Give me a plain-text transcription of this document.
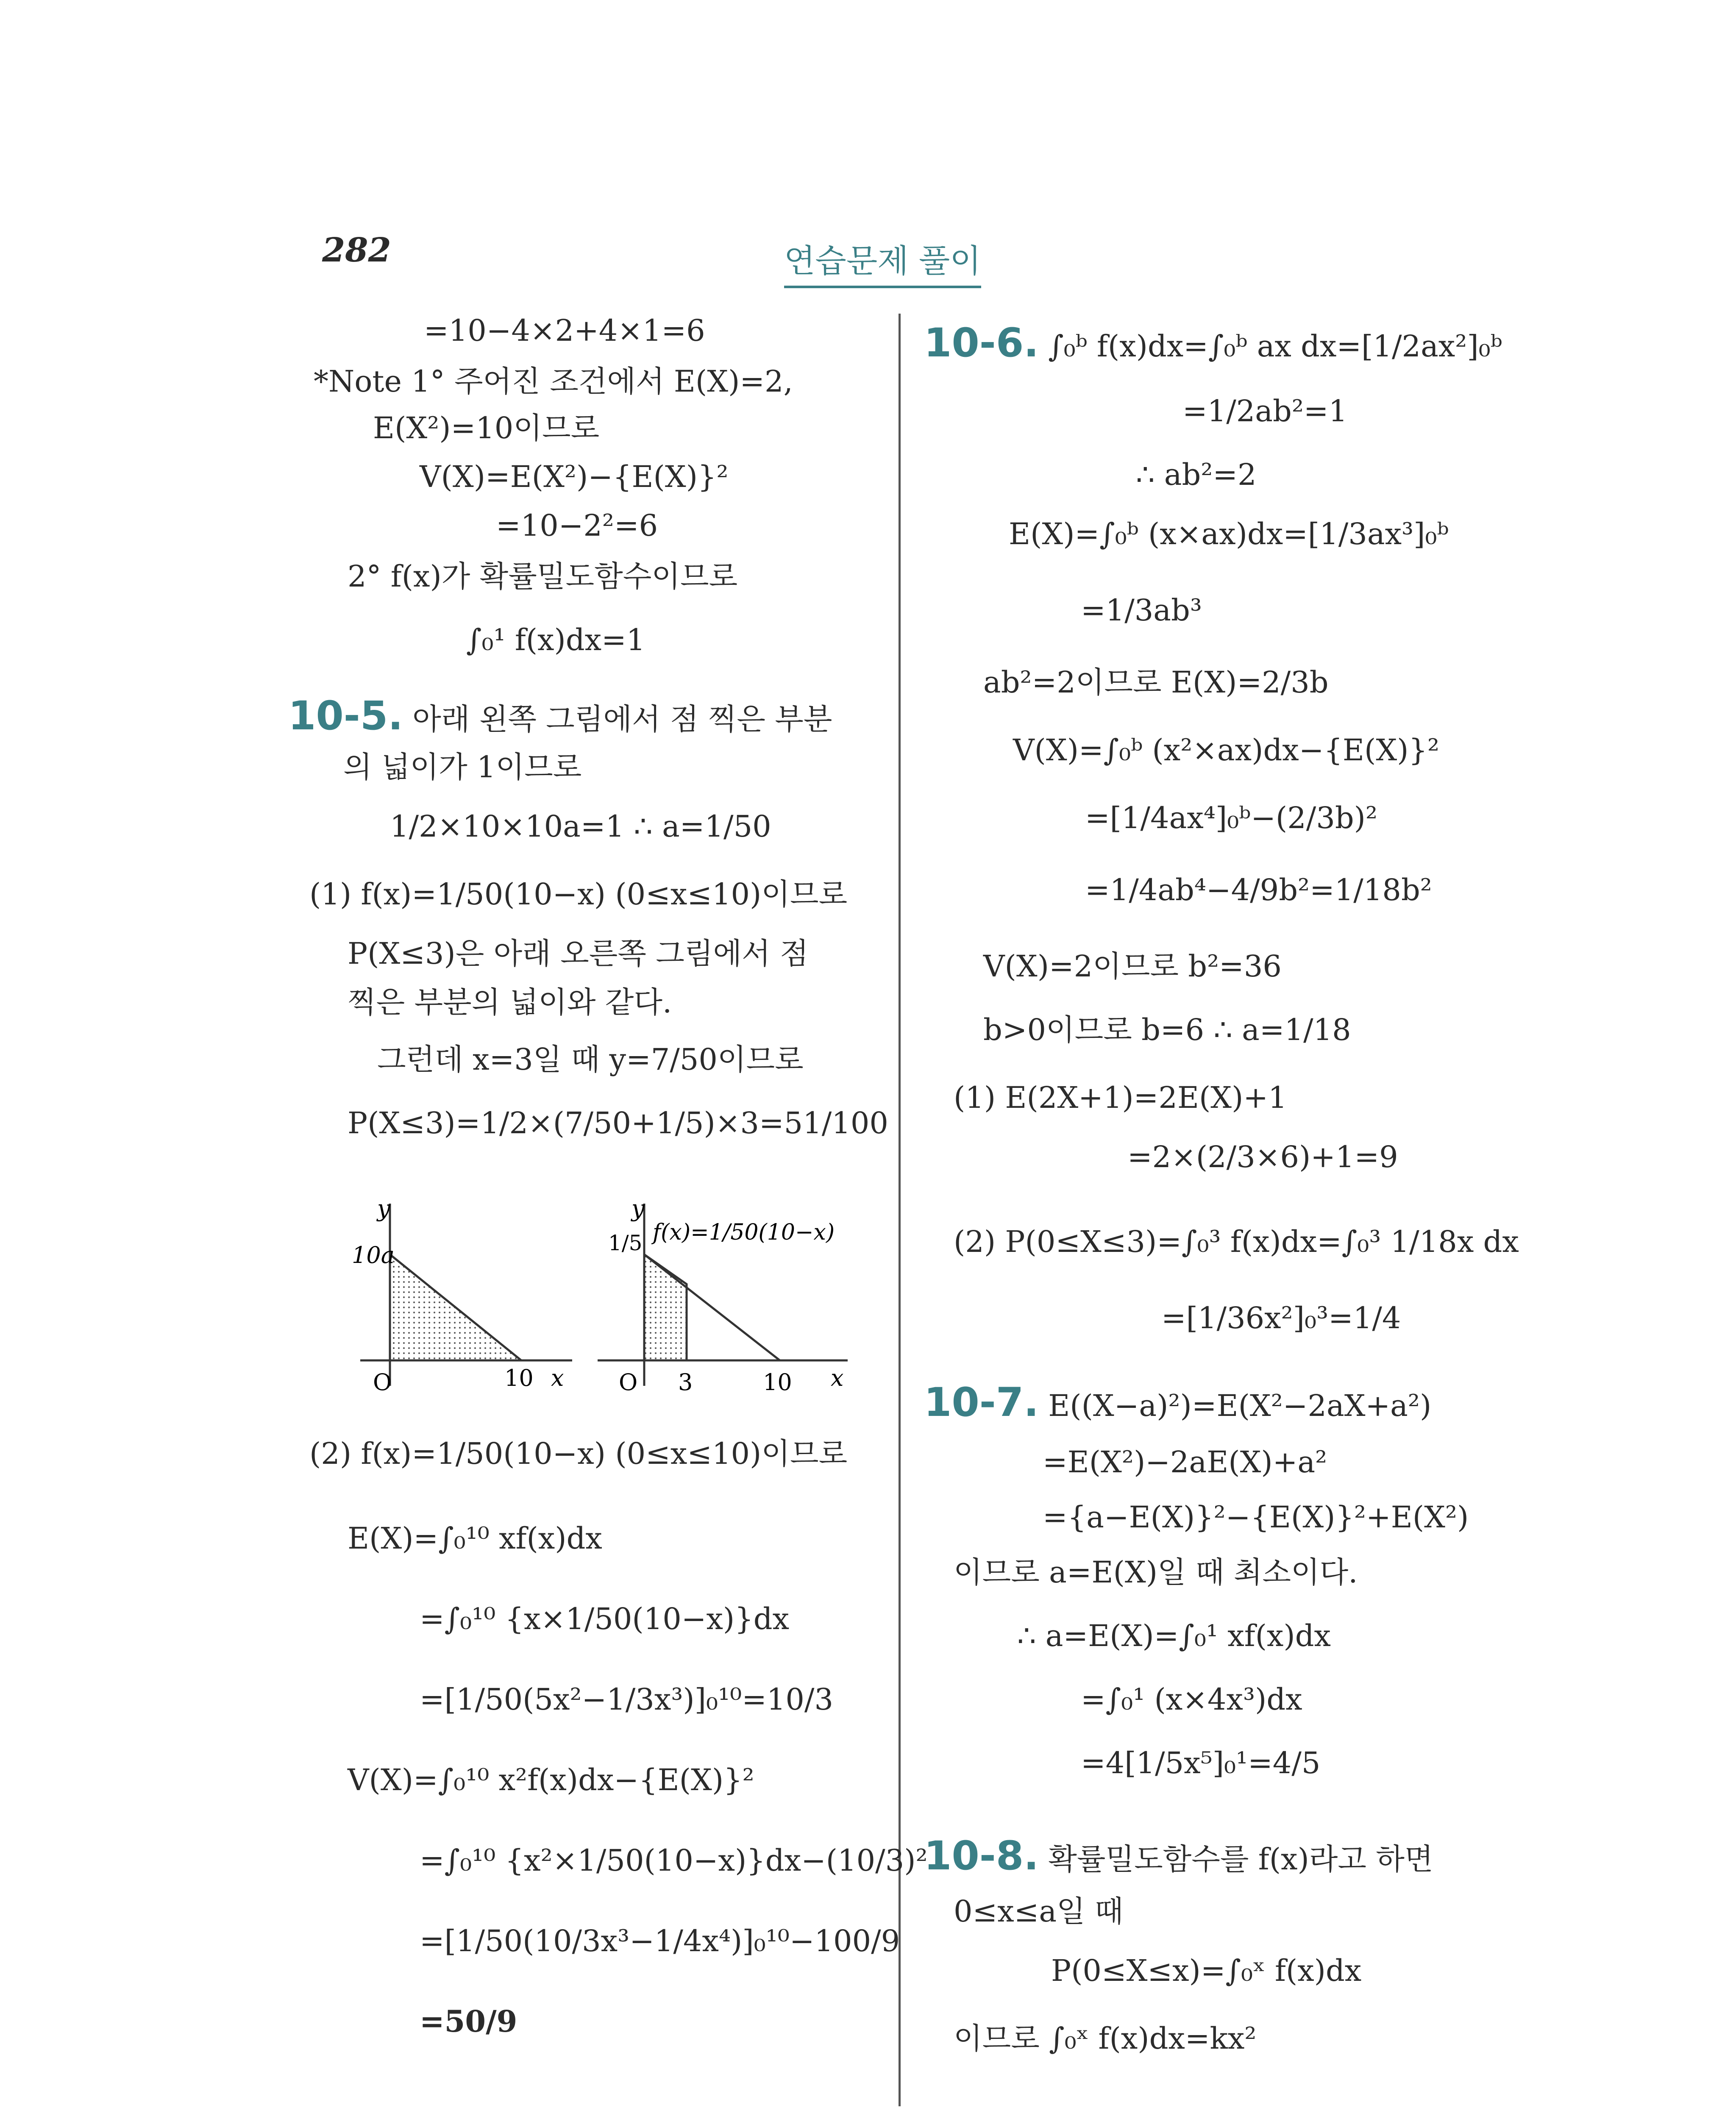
282	연습문제 풀이
=10−4×2+4×1=6
*Note 1° 주어진 조건에서 E(X)=2,
E(X²)=10이므로
V(X)=E(X²)−{E(X)}²
=10−2²=6
2° f(x)가 확률밀도함수이므로
∫₀¹ f(x)dx=1
10-5. 아래 왼쪽 그림에서 점 찍은 부분
의 넓이가 1이므로
1/2×10×10a=1 ∴ a=1/50
(1) f(x)=1/50(10−x) (0≤x≤10)이므로
P(X≤3)은 아래 오른쪽 그림에서 점
찍은 부분의 넓이와 같다.
그런데 x=3일 때 y=7/50이므로
P(X≤3)=1/2×(7/50+1/5)×3=51/100
y
10a
10 x
O
y
1/5 f(x)=1/50(10−x)
3	10 x
O
(2) f(x)=1/50(10−x) (0≤x≤10)이므로
E(X)=∫₀¹⁰ xf(x)dx
=∫₀¹⁰ {x×1/50(10−x)}dx
=[1/50(5x²−1/3x³)]₀¹⁰=10/3
V(X)=∫₀¹⁰ x²f(x)dx−{E(X)}²
=∫₀¹⁰ {x²×1/50(10−x)}dx−(10/3)²
=[1/50(10/3x³−1/4x⁴)]₀¹⁰−100/9
=50/9
10-6. ∫₀ᵇ f(x)dx=∫₀ᵇ ax dx=[1/2ax²]₀ᵇ
=1/2ab²=1
∴ ab²=2
E(X)=∫₀ᵇ (x×ax)dx=[1/3ax³]₀ᵇ
=1/3ab³
ab²=2이므로 E(X)=2/3b
V(X)=∫₀ᵇ (x²×ax)dx−{E(X)}²
=[1/4ax⁴]₀ᵇ−(2/3b)²
=1/4ab⁴−4/9b²=1/18b²
V(X)=2이므로 b²=36
b>0이므로 b=6 ∴ a=1/18
(1) E(2X+1)=2E(X)+1
=2×(2/3×6)+1=9
(2) P(0≤X≤3)=∫₀³ f(x)dx=∫₀³ 1/18x dx
=[1/36x²]₀³=1/4
10-7. E((X−a)²)=E(X²−2aX+a²)
=E(X²)−2aE(X)+a²
={a−E(X)}²−{E(X)}²+E(X²)
이므로 a=E(X)일 때 최소이다.
∴ a=E(X)=∫₀¹ xf(x)dx
=∫₀¹ (x×4x³)dx
=4[1/5x⁵]₀¹=4/5
10-8. 확률밀도함수를 f(x)라고 하면
0≤x≤a일 때
P(0≤X≤x)=∫₀ˣ f(x)dx
이므로 ∫₀ˣ f(x)dx=kx²
